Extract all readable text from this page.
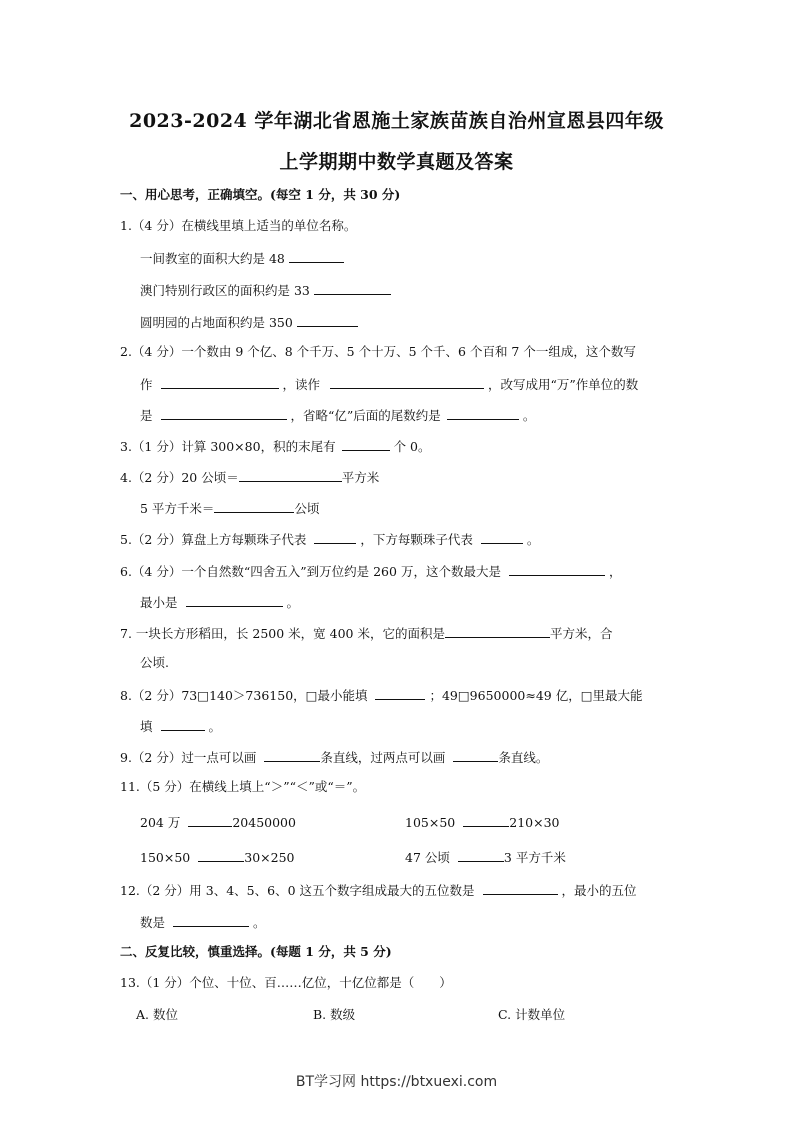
2023-2024 学年湖北省恩施土家族苗族自治州宣恩县四年级
上学期期中数学真题及答案
一、用心思考，正确填空。(每空 1 分，共 30 分)
1.（4 分）在横线里填上适当的单位名称。
一间教室的面积大约是 48
澳门特别行政区的面积约是 33
圆明园的占地面积约是 350
2.（4 分）一个数由 9 个亿、8 个千万、5 个十万、5 个千、6 个百和 7 个一组成，这个数写
作	，读作	，改写成用“万”作单位的数
是	，省略“亿”后面的尾数约是	。
3.（1 分）计算 300×80，积的末尾有	个 0。
4.（2 分）20 公顷＝	平方米
5 平方千米＝	公顷
5.（2 分）算盘上方每颗珠子代表	，下方每颗珠子代表	。
6.（4 分）一个自然数“四舍五入”到万位约是 260 万，这个数最大是	，
最小是	。
7. 一块长方形稻田，长 2500 米，宽 400 米，它的面积是	平方米，合
公顷.
8.（2 分）73□140＞736150，□最小能填	；49□9650000≈49 亿，□里最大能
填	。
9.（2 分）过一点可以画	条直线，过两点可以画	条直线。
11.（5 分）在横线上填上“＞”“＜”或“＝”。
204 万	20450000	105×50	210×30
150×50	30×250	47 公顷	3 平方千米
12.（2 分）用 3、4、5、6、0 这五个数字组成最大的五位数是	，最小的五位
数是	。
二、反复比较，慎重选择。(每题 1 分，共 5 分)
13.（1 分）个位、十位、百……亿位，十亿位都是（　　）
A. 数位	B. 数级	C. 计数单位
BT学习网 https://btxuexi.com
